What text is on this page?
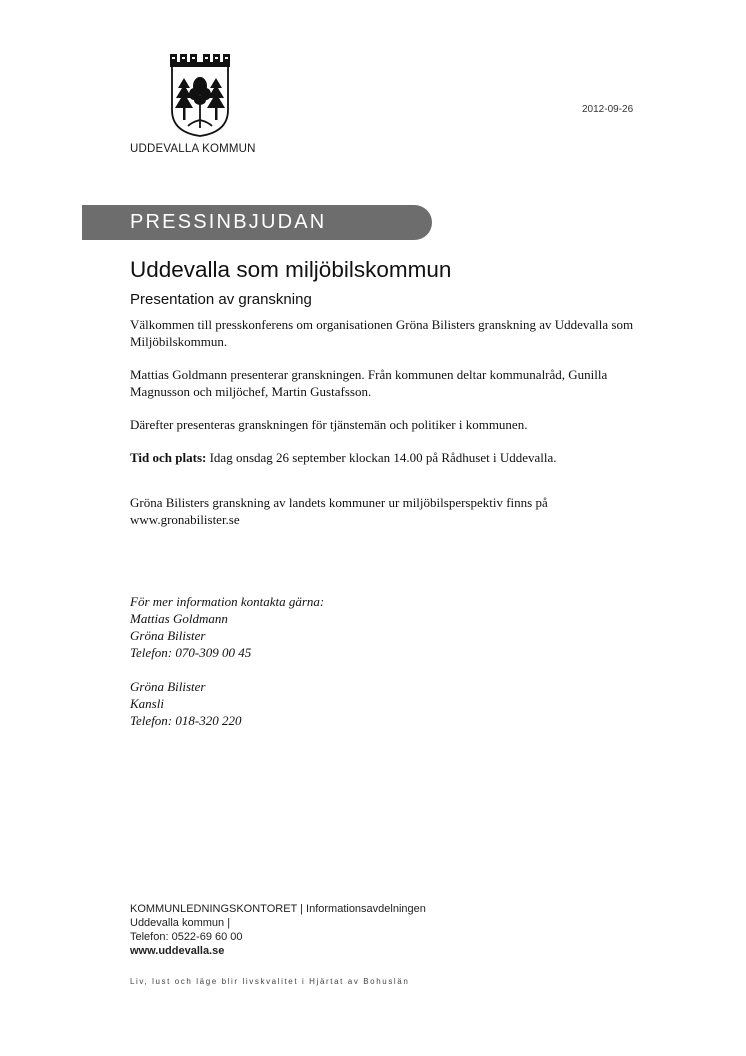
UDDEVALLA KOMMUN
2012-09-26
PRESSINBJUDAN
Uddevalla som miljöbilskommun
Presentation av granskning

Välkommen till presskonferens om organisationen Gröna Bilisters granskning av Uddevalla som Miljöbilskommun.

Mattias Goldmann presenterar granskningen. Från kommunen deltar kommunalråd, Gunilla Magnusson och miljöchef, Martin Gustafsson.

Därefter presenteras granskningen för tjänstemän och politiker i kommunen.

Tid och plats: Idag onsdag 26 september klockan 14.00 på Rådhuset i Uddevalla.

Gröna Bilisters granskning av landets kommuner ur miljöbilsperspektiv finns på
www.gronabilister.se

För mer information kontakta gärna:
Mattias Goldmann
Gröna Bilister
Telefon: 070-309 00 45

Gröna Bilister
Kansli
Telefon: 018-320 220

KOMMUNLEDNINGSKONTORET | Informationsavdelningen
Uddevalla kommun |
Telefon: 0522-69 60 00
www.uddevalla.se
Liv, lust och läge blir livskvalitet i Hjärtat av Bohuslän
